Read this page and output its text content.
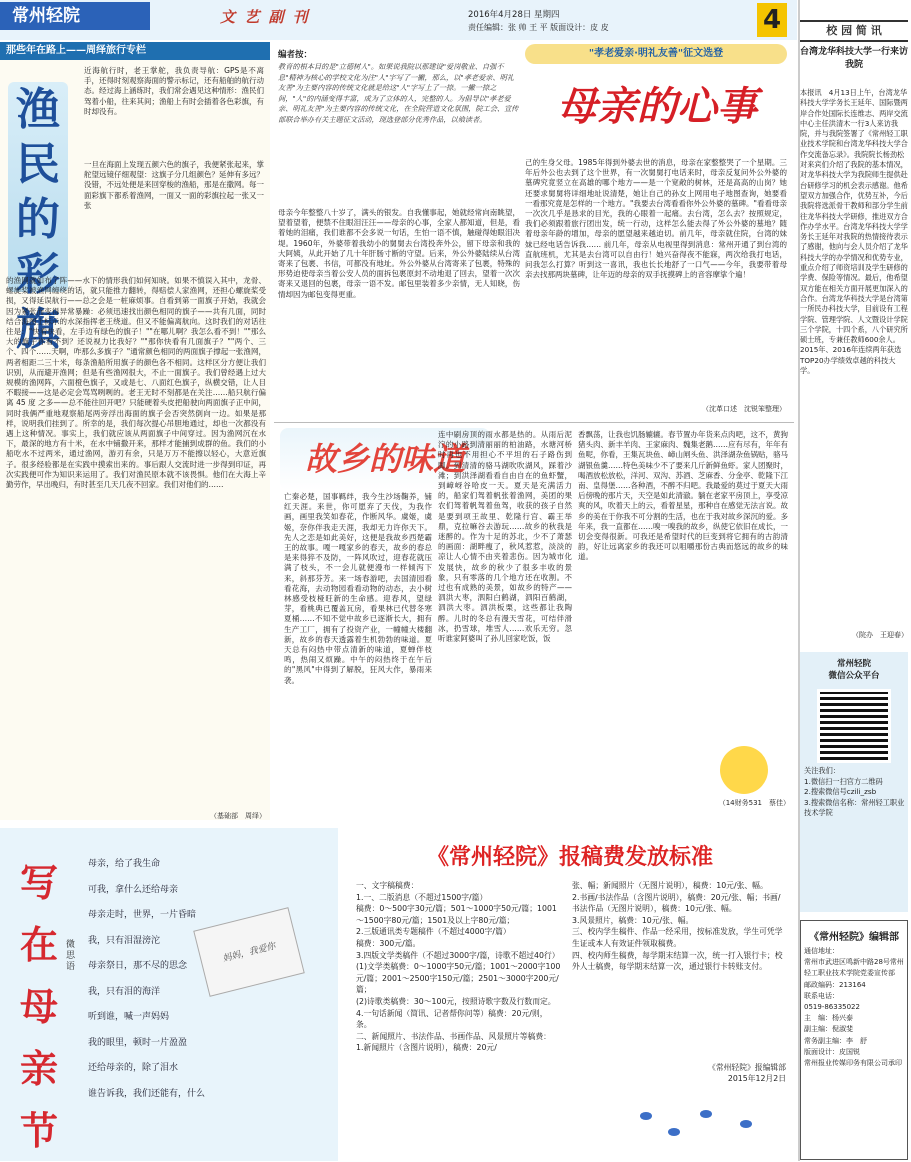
常州轻院	文 艺 副 刊	2016年4月28日 星期四
责任编辑：张 帅 王 平 版面设计：皮 皮	4
那些年在路上——周绎旅行专栏
渔民的彩旗
近海航行时，老王掌舵，我负责导航：GPS是不离手，还得时刻观察海面的警示标记，还有船舶的航行动态。经过海上涵练时，我们常会遇见这种情形：渔民们驾着小船，往来其间；渔船上有时会插着各色彩旗，有时却没有。
一旦在海面上发现五颜六色的旗子，我便紧张起来，掌舵望远镜仔细观望：这旗子分几组颜色？延伸有多远？没错，不远处便是来回穿梭的渔船，那是在撒网。每一面彩旗下都系着渔网，一面又一面的彩旗拉起一张又一张
的渔网就如布了阵——水下的情形我们如何知晓。如果不慎误入其中，龙骨、螺旋桨被渔网缠绕的话，就只能推力翻转，得赔偿人家渔网，还担心螺旋桨受损，又得延误航行——总之会是一桩麻烦事。自看到第一面旗子开始，我就会因为紧张而变得异常暴躁：必须迅速找出颜色相同的旗子——共有几面，同时结合海图上标示的水深指挥老王绕道。但又不能偏离航向。这时我们的对话往往是："快看快看，左手边有绿色的旗子！""在哪儿啊？我怎么看不到！""那么大的旗子你看不到？还说视力比我好？""那你快看有几面旗子？""两个、三个、四个……天啊，咋那么多旗子？"通常颜色相同的两面旗子撑起一张渔网，两者相距二三十米，每条渔船所用旗子的颜色各不相同。这样区分方便让我们识别，从而避开渔网；但是有些渔网很大，不止一面旗子。我们曾经遇上过大规模的渔网阵，六面橙色旗子，又或是七、八面红色旗子，纵横交错，让人目不暇接——这是必定会骂骂咧咧的。老王无时不刻都是在关注……船只航行偏离 45 度 之多——总不能往回开吧？只能硬着头皮把船驶向两面旗子正中间，同时我俩严重地观察船尾两旁浮出海面的旗子会否突然倒向一边。如果是那样，说明我们挂到了。所幸的是，我们每次提心吊胆地通过，却也一次都没有遇上这种情况。事实上，我们就应该从两面旗子中间穿过。因为渔网沉在水下，最深的地方有十米，在水中铺撒开来，那样才能捕到成群的鱼。我们的小船吃水不过两米，通过渔网，游刃有余，只是万万不能擦以轻心，大意近旗子。很多经验都是在实践中摸索出来的。事后跟人交流时进一步得到印证，再次实践便可作为知识来运用了。我们对渔民原本就不该畏惧。他们在大海上辛勤劳作，早出晚归，有时甚至几天几夜不回家。我们对他们的……
（基础部　周绎）
编者按：
教育的根本目的是"立德树人"。如果说我院以那建设"爱岗敬业、自强不息"精神为核心的学校文化为注"人"字写了一撇，那么，以"孝老爱亲、明礼友善"为主要内容的传统文化就是给这"人"字写上了一捺。一撇一捺之间，"人"的内涵变得丰富，成为了立体的人，完整的人。为倡导以"孝老爱亲、明礼友善"为主要内容的传统文化，在全院营造文化氛围，院工会、宣传部联合举办有关主题征文活动，现选登部分优秀作品，以飨读者。
"孝老爱亲·明礼友善"征文选登
母亲的心事
母亲今年整整八十岁了，满头的银发。自我懂事起，她就经常向南眺望，望着望着，便禁不住眼泪汪汪——母亲的心事，全家人都知道，但是，看着她的泪痛，我们谁都不会多说一句话，生怕一语不慎，触碰得她眼泪决堤。1960年，外婆带着我幼小的舅舅去台湾投奔外公，留下母亲和我的大阿姨，从此开始了几十年肝肠寸断的守望。后来，外公外婆陆续从台湾寄来了包裹、书信，可都没有地址。外公外婆从台湾寄来了包裹，特殊的形势迫使母亲当着公安人员的面拆包裹原封不动地退了回去，望着一次次寄来又退回的包裹，母亲一语不发。邮包里装着多少亲情，无人知晓，伤情却因为邮包变得更重。
己的生身父母。1985年得到外婆去世的消息，母亲在家整整哭了一个星期。三年后外公也去到了这个世界，有一次舅舅打电话来时，母亲反复问外公外婆的墓碑究竟竖立在高雄的哪个地方——是一个宽敞的树林，还是高高的山岗？她还要求舅舅将详细地址说清楚，她让自己的孙女上网用电子地图查询，她要看一看那究竟是怎样的一个地方。"我要去台湾看看你外公外婆的墓碑。"看看母亲一次次几乎是恳求的目光，我的心眼着一起痛。去台湾，怎么去？按照规定，我们必须跟着旅行团出发，统一行动，这样怎么能去得了外公外婆的墓地？随着母亲年龄的增加，母亲的愿望越来越迫切。前几年，母亲就住院，台湾的妹妹已经电话告诉我…… 前几年，母亲从电视里得到消息：常州开通了到台湾的直航班机，尤其是去台湾可以自由行！她兴奋得夜不能寐，两次给我打电话，问我怎么打算？听到这一喜讯，我也长长地舒了一口气——今年，我要带着母亲去找那两块墓碑，让年迈的母亲的双手抚摸碑上的音容摩挲个遍！
（沈革口述　沈锐笨整理）
故乡的味道
亡秦必楚，国事羁绊，我今生沙场鞠养，铺红天涯。来世，你可愿弃了天伐，为我作画，画里我笑如春花，作断风华。虞姬，虞姬，奈你伴我走天涯，我却无力许你天下。先人之恋是如此美好，这便是我故乡西楚霸王的故事。嘎一嘎家乡的春天，故乡的春总是来得猝不及防，一阵风吹过，迎春花就压满了枝头，不一会儿就便漫布一样倾泻下来，斜那芬芳。来一场春游吧，去国清园看看花海，去动物园看看动物的动态，去小树林感受枝桠旺新的生命感。迎春风，望绿芽，看桃典已覆盖瓦房，看果林已代替冬寒夏桶……不知不觉中故乡已逐渐长大，拥有生产工厂，拥有了投资产业，一幢幢大楼翻新，故乡的春天透露着生机勃勃的味道。夏天总有闷热中带点清新的味道，夏蝉伴枝鸣，热闹又烦躁。中午的闷热终于在午后的"黑风"中得到了解脱，狂风大作，暴雨来袭。
连中刷房顶的雨水都是热的。从雨后泥泞的小路到清丽丽的柏油路，水塘河桥时再也不用担心不平坦的石子路伤到脚。到清清的骆马湖吹吹湖风，踩着沙滩；到洪泽湖看看自由自在的鱼虾蟹，到嶂岈谷哈皮一天。夏天是充满活力的，船家们驾着帆张着渔网，美团的果农们驾着帆驾着鱼驾，收获的孩子自然是要到项王故里、乾隆行宫、霸王举鼎，克拉嘛谷去游玩……故乡的秋我是迷醉的。作为十足的苏北，少不了萧瑟的画面：湖畔瘦了，秋风惹惹，淡淡的凉让人心情不由夹着悲伤。因为城市化发展快，故乡的秋少了很多丰收的景象，只有零落的几个地方还在收割。不过也有成熟的美景，如故乡的特产——泗洪大枣，泗阳白鹤湖，泗阳百鹤湖，泗洪大枣。泗洪板栗，这些都让我陶醉。儿时的冬总有漫天雪花，可结伴滑冰，扔雪球，堆雪人……欢乐无穷。忽听谁家阿婆叫了孙儿回家吃饭，饭
香飘荡，让我也饥肠辘辘。春节置办年货来点肉吧，这不，黄狗猪头肉、新丰羊肉、王家麻肉、魏集老鹅……应有尽有，年年有鱼呢，你看，王集瓦块鱼、嶂山闸头鱼、洪泽湖杂鱼锅贴，骆马湖银鱼羹……特色美味少不了要来几斤新鲜鱼虾。家人团聚时，喝酒放松放松，洋河、双沟、苏酒、芝麻香、分金亭、乾隆下江南、皇得堡……各种酒，不醉不归吧。我最爱的莫过于夏天大雨后傍晚的那片天，天空是如此清澈。躺在老家平房顶上，享受凉爽的风，吹着天上的云，看着星星，那种自在感觉无法言说。故乡的美在于你我不可分割的生活，也在于我对故乡深沉的爱。多年来，我一直都在……嗅一嗅我的故乡，纵使它依旧在成长，一切会变得很新。可我还是希望时代的巨变到将它拥有的古韵清韵，好让远离家乡的我还可以咀嚼那份古典而悠远的故乡的味道。
（14财务531　蔡佳）
校 园 简 讯
台湾龙华科技大学一行来访我院
本报讯　4月13日上午，台湾龙华科技大学学务长王延年、国际暨两岸合作处国际长连维志、两岸交流中心主任洪清木一行3人来访我院，并与我院签署了《常州轻工职业技术学院和台湾龙华科技大学合作交流备忘录》。我院院长杨劲松对来宾们介绍了我院的基本情况，对龙华科技大学为我院师生提供赴台研修学习的机会表示感谢。他希望双方加强合作，优势互补，今后我院将选派骨干教师和部分学生前往龙华科技大学研修，推进双方合作办学水平。台湾龙华科技大学学务长王延年对我院的热情接待表示了感谢，他向与会人员介绍了龙华科技大学的办学情况和优势专业，重点介绍了师资培训及学生研修的学费、保险等情况。最后，他希望双方能在相关方面开展更加深入的合作。台湾龙华科技大学是台湾第一所民办科技大学，目前设有工程学院、管理学院、人文暨设计学院三个学院，十四个系，八个研究所硕士班，专兼任教师600余人。2015年、2016年连续两年获选TOP20办学绩效卓越的科技大学。
（院办　王迎春）
常州轻院
微信公众平台
关注我们：
1.微信扫一扫官方二维码
2.搜索微信号czili_zsb
3.搜索微信名称：常州轻工职业技术学院
《常州轻院》编辑部
通信地址：
常州市武进区鸣新中路28号常州轻工职业技术学院党委宣传部
邮政编码：213164
联系电话：
0519-86335022
主　编：杨兴泰
副主编：倪淑斐
常务副主编：李　舒
版面设计：皮国锐
常州报业传媒印务有限公司承印
写在母亲节
微思语
妈妈，我爱你
母亲，给了我生命
可我，拿什么还给母亲
母亲走时，世界，一片昏暗
我，只有泪湿滂沱
母亲祭日，那不尽的思念
我，只有泪的海洋
听到谁，喊一声妈妈
我的眼里，顿时一片盈盈
还给母亲的，除了泪水
谁告诉我，我们还能有，什么
《常州轻院》报稿费发放标准
一、文字稿稿费：
1.一、二版消息（不超过1500字/篇）
稿费：0～500字30元/篇；501～1000字50元/篇；1001～1500字80元/篇；1501及以上字80元/篇；
2.三版通讯类专题稿件（不超过4000字/篇）
稿费：300元/篇。
3.四版文学类稿件（不超过3000字/篇，诗歌不超过40行）
(1)文学类稿费：0～1000字50元/篇；1001～2000字100元/篇；2001～2500字150元/篇；2501～3000字200元/篇；
(2)诗歌类稿费：30～100元，按照诗歌字数及行数而定。
4.一句话新闻（简讯、记者帮你问等）稿费：20元/则，条。
二、新闻照片、书法作品、书画作品、风景照片等稿费：
1.新闻照片（含图片说明），稿费：20元/
张、幅；新闻照片（无图片说明），稿费：10元/张、幅。
2.书画/书法作品（含图片说明），稿费：20元/张、幅；书画/书法作品（无图片说明），稿费：10元/张、幅。
3.风景照片，稿费：10元/张、幅。
三、校内学生稿件、作品一经采用，按标准发放，学生可凭学生证或本人有效证件领取稿费。
四、校内师生稿费，每学期末结算一次，统一打入银行卡；校外人士稿费，每学期末结算一次，通过银行卡转账支付。
《常州轻院》报编辑部
2015年12月2日
